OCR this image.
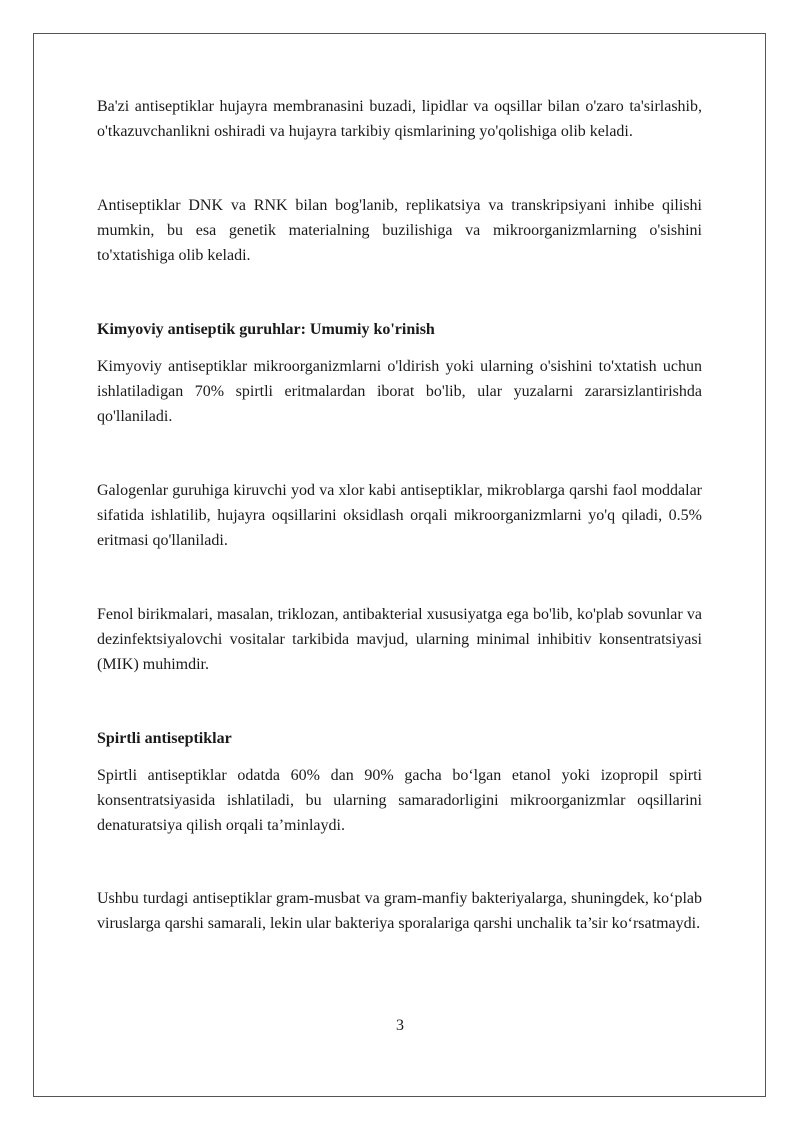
Ba'zi antiseptiklar hujayra membranasini buzadi, lipidlar va oqsillar bilan o'zaro ta'sirlashib, o'tkazuvchanlikni oshiradi va hujayra tarkibiy qismlarining yo'qolishiga olib keladi.

Antiseptiklar DNK va RNK bilan bog'lanib, replikatsiya va transkripsiyani inhibe qilishi mumkin, bu esa genetik materialning buzilishiga va mikroorganizmlarning o'sishini to'xtatishiga olib keladi.

Kimyoviy antiseptik guruhlar: Umumiy ko'rinish

Kimyoviy antiseptiklar mikroorganizmlarni o'ldirish yoki ularning o'sishini to'xtatish uchun ishlatiladigan 70% spirtli eritmalardan iborat bo'lib, ular yuzalarni zararsizlantirishda qo'llaniladi.

Galogenlar guruhiga kiruvchi yod va xlor kabi antiseptiklar, mikroblarga qarshi faol moddalar sifatida ishlatilib, hujayra oqsillarini oksidlash orqali mikroorganizmlarni yo'q qiladi, 0.5% eritmasi qo'llaniladi.

Fenol birikmalari, masalan, triklozan, antibakterial xususiyatga ega bo'lib, ko'plab sovunlar va dezinfektsiyalovchi vositalar tarkibida mavjud, ularning minimal inhibitiv konsentratsiyasi (MIK) muhimdir.

Spirtli antiseptiklar

Spirtli antiseptiklar odatda 60% dan 90% gacha bo‘lgan etanol yoki izopropil spirti konsentratsiyasida ishlatiladi, bu ularning samaradorligini mikroorganizmlar oqsillarini denaturatsiya qilish orqali ta’minlaydi.

Ushbu turdagi antiseptiklar gram-musbat va gram-manfiy bakteriyalarga, shuningdek, ko‘plab viruslarga qarshi samarali, lekin ular bakteriya sporalariga qarshi unchalik ta’sir ko‘rsatmaydi.

3
